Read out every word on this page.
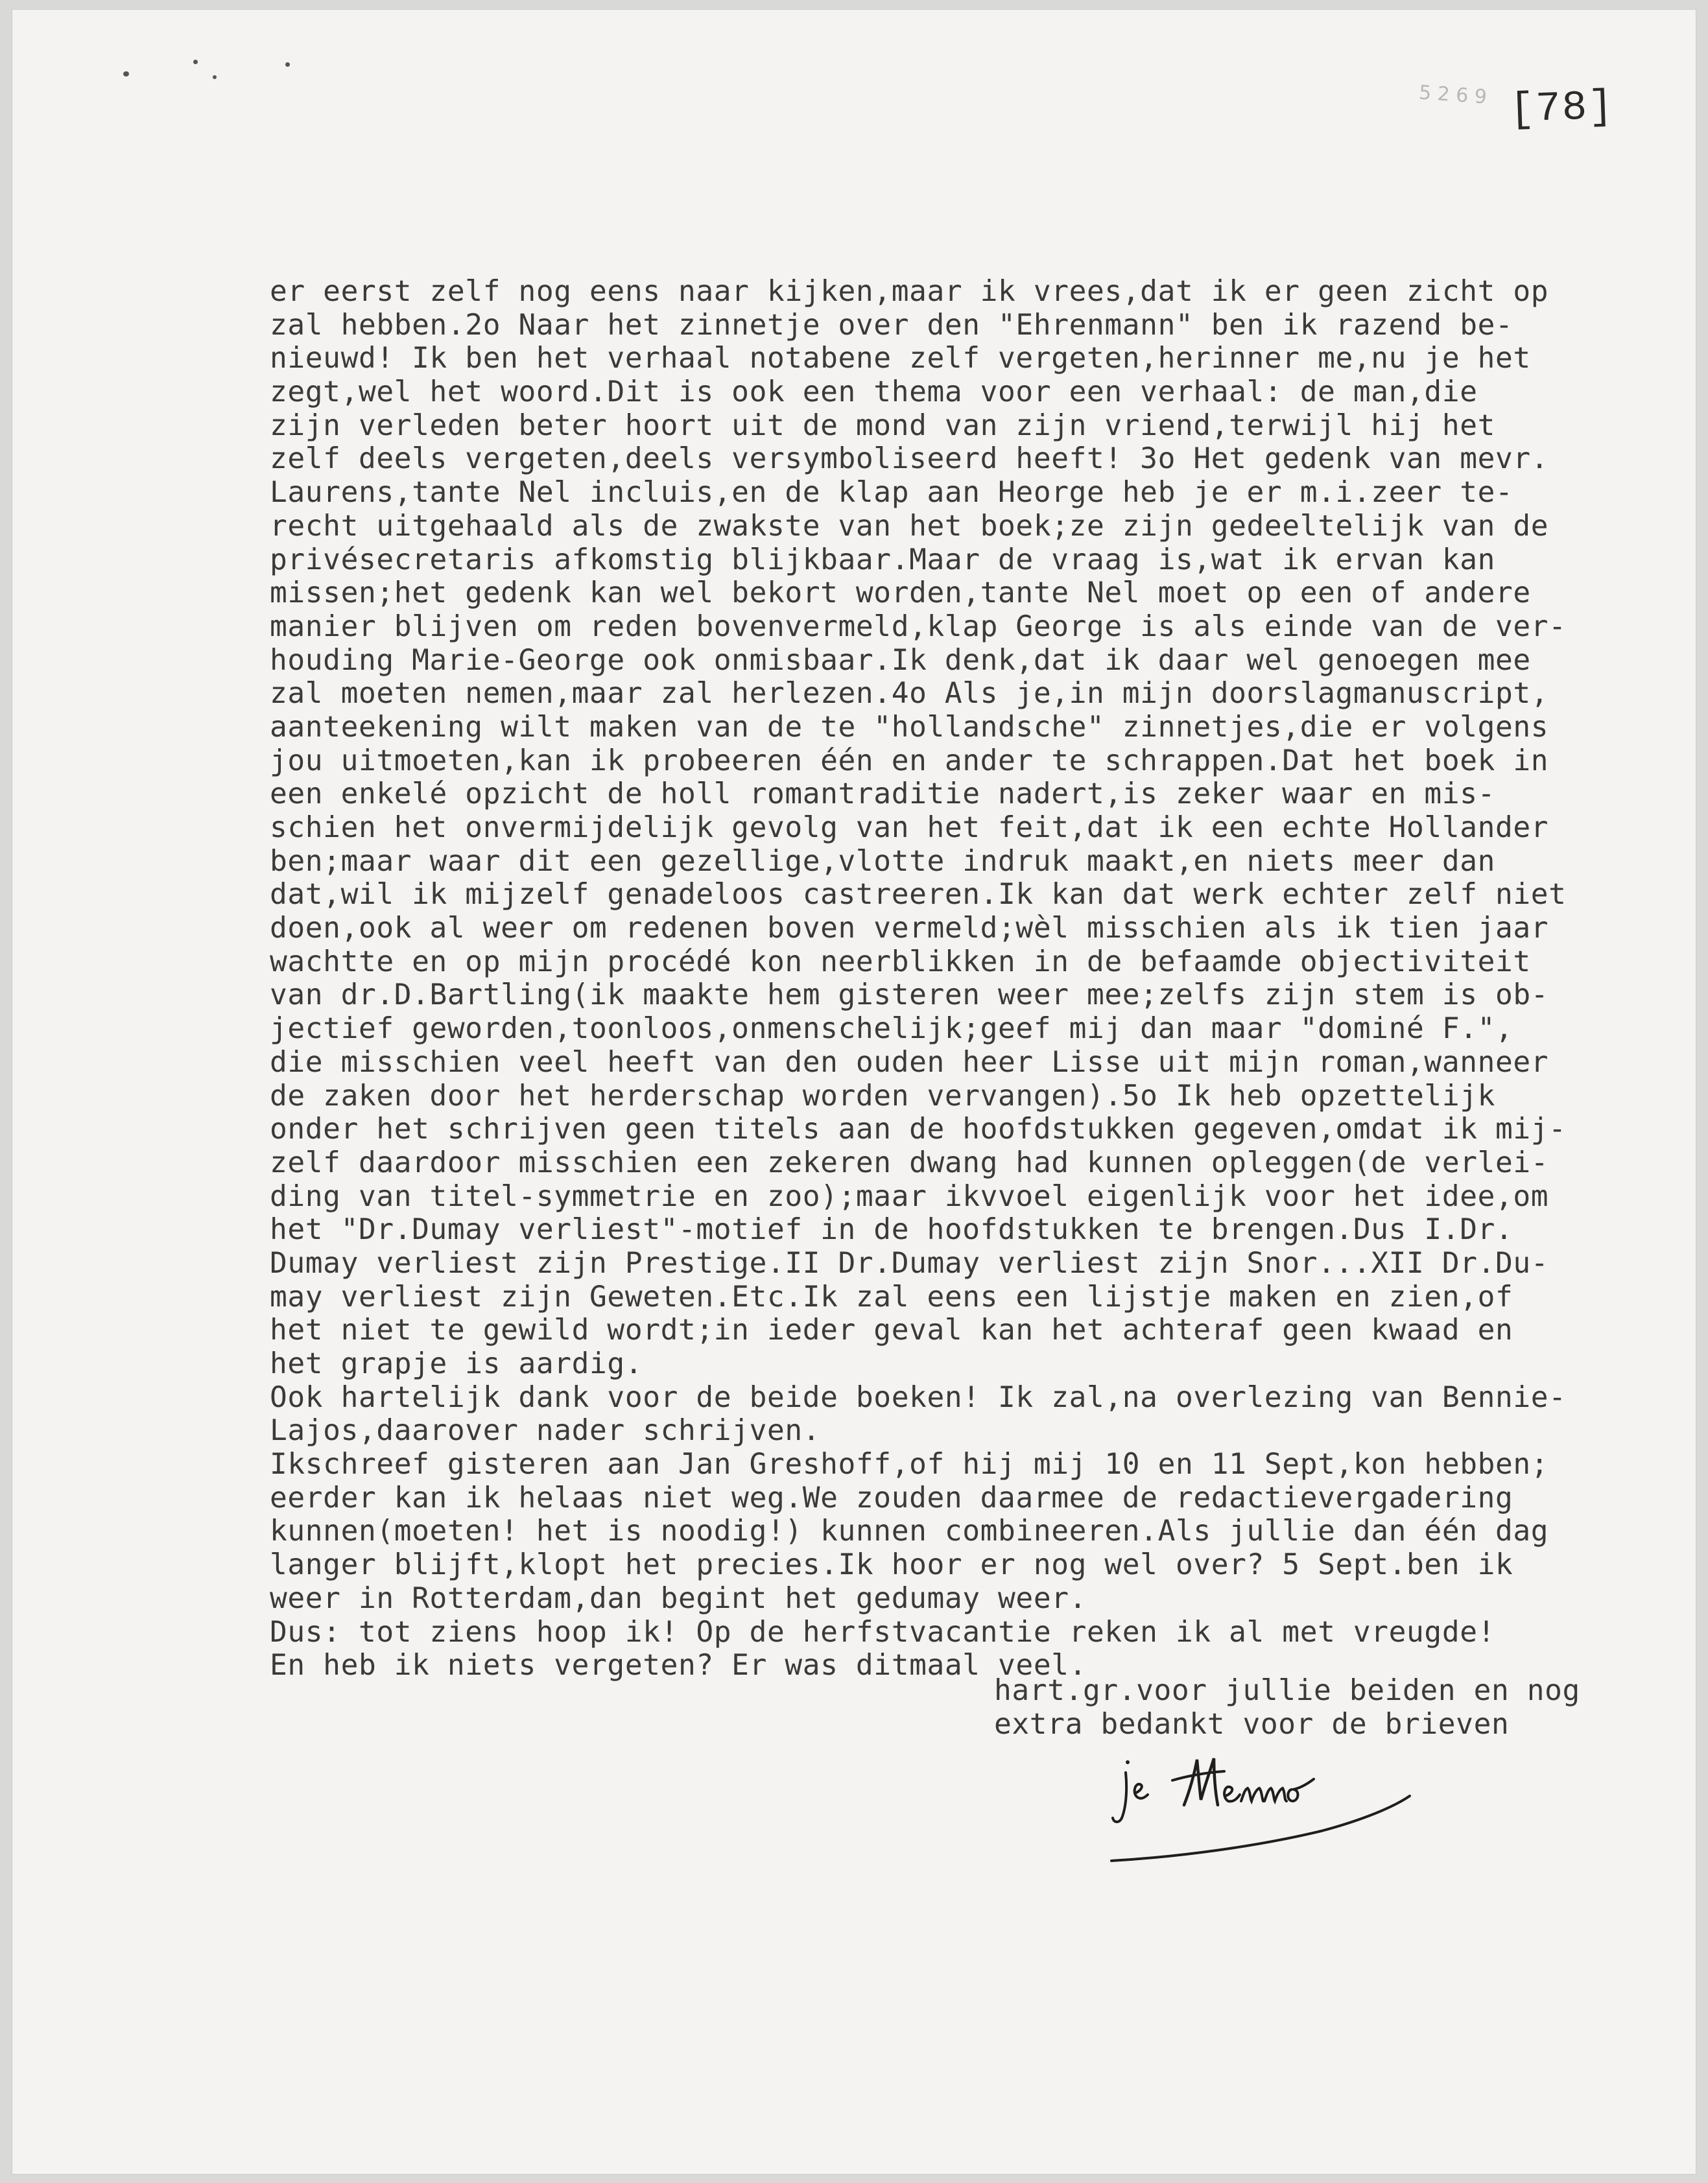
5 2 6 9 [78]
er eerst zelf nog eens naar kijken,maar ik vrees,dat ik er geen zicht op
zal hebben.2o Naar het zinnetje over den "Ehrenmann" ben ik razend be-
nieuwd! Ik ben het verhaal notabene zelf vergeten,herinner me,nu je het
zegt,wel het woord.Dit is ook een thema voor een verhaal: de man,die
zijn verleden beter hoort uit de mond van zijn vriend,terwijl hij het
zelf deels vergeten,deels versymboliseerd heeft! 3o Het gedenk van mevr.
Laurens,tante Nel incluis,en de klap aan Heorge heb je er m.i.zeer te-
recht uitgehaald als de zwakste van het boek;ze zijn gedeeltelijk van de
privésecretaris afkomstig blijkbaar.Maar de vraag is,wat ik ervan kan
missen;het gedenk kan wel bekort worden,tante Nel moet op een of andere
manier blijven om reden bovenvermeld,klap George is als einde van de ver-
houding Marie-George ook onmisbaar.Ik denk,dat ik daar wel genoegen mee
zal moeten nemen,maar zal herlezen.4o Als je,in mijn doorslagmanuscript,
aanteekening wilt maken van de te "hollandsche" zinnetjes,die er volgens
jou uitmoeten,kan ik probeeren één en ander te schrappen.Dat het boek in
een enkelé opzicht de holl romantraditie nadert,is zeker waar en mis-
schien het onvermijdelijk gevolg van het feit,dat ik een echte Hollander
ben;maar waar dit een gezellige,vlotte indruk maakt,en niets meer dan
dat,wil ik mijzelf genadeloos castreeren.Ik kan dat werk echter zelf niet
doen,ook al weer om redenen boven vermeld;wèl misschien als ik tien jaar
wachtte en op mijn procédé kon neerblikken in de befaamde objectiviteit
van dr.D.Bartling(ik maakte hem gisteren weer mee;zelfs zijn stem is ob-
jectief geworden,toonloos,onmenschelijk;geef mij dan maar "dominé F.",
die misschien veel heeft van den ouden heer Lisse uit mijn roman,wanneer
de zaken door het herderschap worden vervangen).5o Ik heb opzettelijk
onder het schrijven geen titels aan de hoofdstukken gegeven,omdat ik mij-
zelf daardoor misschien een zekeren dwang had kunnen opleggen(de verlei-
ding van titel-symmetrie en zoo);maar ikvvoel eigenlijk voor het idee,om
het "Dr.Dumay verliest"-motief in de hoofdstukken te brengen.Dus I.Dr.
Dumay verliest zijn Prestige.II Dr.Dumay verliest zijn Snor...XII Dr.Du-
may verliest zijn Geweten.Etc.Ik zal eens een lijstje maken en zien,of
het niet te gewild wordt;in ieder geval kan het achteraf geen kwaad en
het grapje is aardig.
Ook hartelijk dank voor de beide boeken! Ik zal,na overlezing van Bennie-
Lajos,daarover nader schrijven.
Ikschreef gisteren aan Jan Greshoff,of hij mij 10 en 11 Sept,kon hebben;
eerder kan ik helaas niet weg.We zouden daarmee de redactievergadering
kunnen(moeten! het is noodig!) kunnen combineeren.Als jullie dan één dag
langer blijft,klopt het precies.Ik hoor er nog wel over? 5 Sept.ben ik
weer in Rotterdam,dan begint het gedumay weer.
Dus: tot ziens hoop ik! Op de herfstvacantie reken ik al met vreugde!
En heb ik niets vergeten? Er was ditmaal veel.
hart.gr.voor jullie beiden en nog
extra bedankt voor de brieven
